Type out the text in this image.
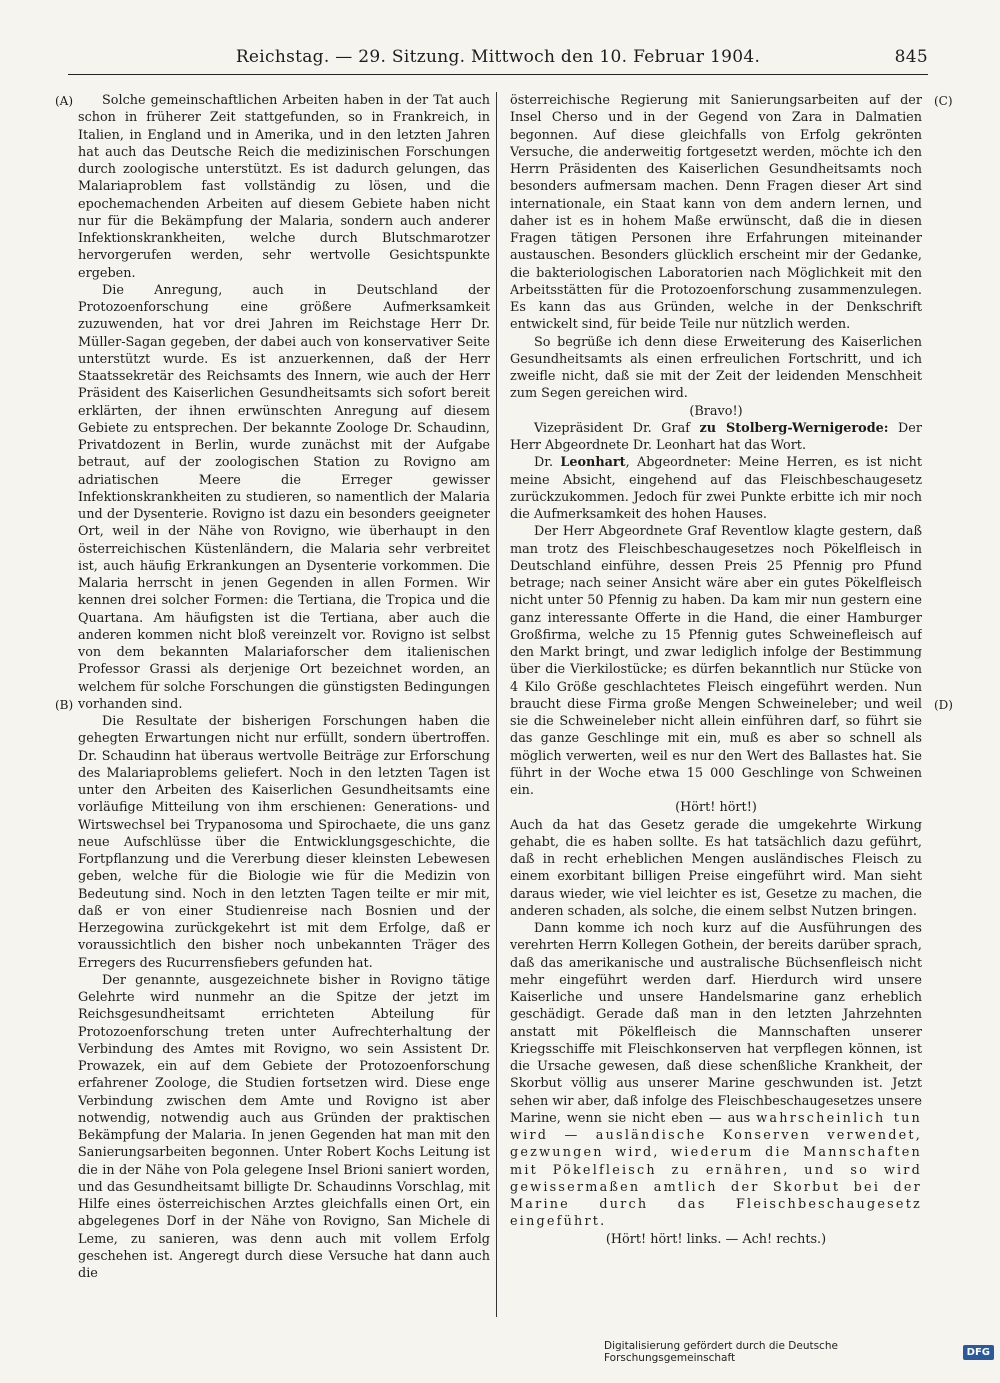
Reichstag. — 29. Sitzung. Mittwoch den 10. Februar 1904.	845
(A)
(B)
(C)
(D)

Solche gemeinschaftlichen Arbeiten haben in der Tat auch schon in früherer Zeit stattgefunden, so in Frankreich, in Italien, in England und in Amerika, und in den letzten Jahren hat auch das Deutsche Reich die medizinischen Forschungen durch zoologische unterstützt. Es ist dadurch gelungen, das Malariaproblem fast vollständig zu lösen, und die epochemachenden Arbeiten auf diesem Gebiete haben nicht nur für die Bekämpfung der Malaria, sondern auch anderer Infektionskrankheiten, welche durch Blutschmarotzer hervorgerufen werden, sehr wertvolle Gesichtspunkte ergeben.

Die Anregung, auch in Deutschland der Protozoenforschung eine größere Aufmerksamkeit zuzuwenden, hat vor drei Jahren im Reichstage Herr Dr. Müller-Sagan gegeben, der dabei auch von konservativer Seite unterstützt wurde. Es ist anzuerkennen, daß der Herr Staatssekretär des Reichsamts des Innern, wie auch der Herr Präsident des Kaiserlichen Gesundheitsamts sich sofort bereit erklärten, der ihnen erwünschten Anregung auf diesem Gebiete zu entsprechen. Der bekannte Zoologe Dr. Schaudinn, Privatdozent in Berlin, wurde zunächst mit der Aufgabe betraut, auf der zoologischen Station zu Rovigno am adriatischen Meere die Erreger gewisser Infektionskrankheiten zu studieren, so namentlich der Malaria und der Dysenterie. Rovigno ist dazu ein besonders geeigneter Ort, weil in der Nähe von Rovigno, wie überhaupt in den österreichischen Küstenländern, die Malaria sehr verbreitet ist, auch häufig Erkrankungen an Dysenterie vorkommen. Die Malaria herrscht in jenen Gegenden in allen Formen. Wir kennen drei solcher Formen: die Tertiana, die Tropica und die Quartana. Am häufigsten ist die Tertiana, aber auch die anderen kommen nicht bloß vereinzelt vor. Rovigno ist selbst von dem bekannten Malariaforscher dem italienischen Professor Grassi als derjenige Ort bezeichnet worden, an welchem für solche Forschungen die günstigsten Bedingungen vorhanden sind.

Die Resultate der bisherigen Forschungen haben die gehegten Erwartungen nicht nur erfüllt, sondern übertroffen. Dr. Schaudinn hat überaus wertvolle Beiträge zur Erforschung des Malariaproblems geliefert. Noch in den letzten Tagen ist unter den Arbeiten des Kaiserlichen Gesundheitsamts eine vorläufige Mitteilung von ihm erschienen: Generations- und Wirtswechsel bei Trypanosoma und Spirochaete, die uns ganz neue Aufschlüsse über die Entwicklungsgeschichte, die Fortpflanzung und die Vererbung dieser kleinsten Lebewesen geben, welche für die Biologie wie für die Medizin von Bedeutung sind. Noch in den letzten Tagen teilte er mir mit, daß er von einer Studienreise nach Bosnien und der Herzegowina zurückgekehrt ist mit dem Erfolge, daß er voraussichtlich den bisher noch unbekannten Träger des Erregers des Rucurrensfiebers gefunden hat.

Der genannte, ausgezeichnete bisher in Rovigno tätige Gelehrte wird nunmehr an die Spitze der jetzt im Reichsgesundheitsamt errichteten Abteilung für Protozoenforschung treten unter Aufrechterhaltung der Verbindung des Amtes mit Rovigno, wo sein Assistent Dr. Prowazek, ein auf dem Gebiete der Protozoenforschung erfahrener Zoologe, die Studien fortsetzen wird. Diese enge Verbindung zwischen dem Amte und Rovigno ist aber notwendig, notwendig auch aus Gründen der praktischen Bekämpfung der Malaria. In jenen Gegenden hat man mit den Sanierungsarbeiten begonnen. Unter Robert Kochs Leitung ist die in der Nähe von Pola gelegene Insel Brioni saniert worden, und das Gesundheitsamt billigte Dr. Schaudinns Vorschlag, mit Hilfe eines österreichischen Arztes gleichfalls einen Ort, ein abgelegenes Dorf in der Nähe von Rovigno, San Michele di Leme, zu sanieren, was denn auch mit vollem Erfolg geschehen ist. Angeregt durch diese Versuche hat dann auch die

österreichische Regierung mit Sanierungsarbeiten auf der Insel Cherso und in der Gegend von Zara in Dalmatien begonnen. Auf diese gleichfalls von Erfolg gekrönten Versuche, die anderweitig fortgesetzt werden, möchte ich den Herrn Präsidenten des Kaiserlichen Gesundheitsamts noch besonders aufmersam machen. Denn Fragen dieser Art sind internationale, ein Staat kann von dem andern lernen, und daher ist es in hohem Maße erwünscht, daß die in diesen Fragen tätigen Personen ihre Erfahrungen miteinander austauschen. Besonders glücklich erscheint mir der Gedanke, die bakteriologischen Laboratorien nach Möglichkeit mit den Arbeitsstätten für die Protozoenforschung zusammenzulegen. Es kann das aus Gründen, welche in der Denkschrift entwickelt sind, für beide Teile nur nützlich werden.

So begrüße ich denn diese Erweiterung des Kaiserlichen Gesundheitsamts als einen erfreulichen Fortschritt, und ich zweifle nicht, daß sie mit der Zeit der leidenden Menschheit zum Segen gereichen wird.

(Bravo!)

Vizepräsident Dr. Graf zu Stolberg-Wernigerode: Der Herr Abgeordnete Dr. Leonhart hat das Wort.

Dr. Leonhart, Abgeordneter: Meine Herren, es ist nicht meine Absicht, eingehend auf das Fleischbeschaugesetz zurückzukommen. Jedoch für zwei Punkte erbitte ich mir noch die Aufmerksamkeit des hohen Hauses.

Der Herr Abgeordnete Graf Reventlow klagte gestern, daß man trotz des Fleischbeschaugesetzes noch Pökelfleisch in Deutschland einführe, dessen Preis 25 Pfennig pro Pfund betrage; nach seiner Ansicht wäre aber ein gutes Pökelfleisch nicht unter 50 Pfennig zu haben. Da kam mir nun gestern eine ganz interessante Offerte in die Hand, die einer Hamburger Großfirma, welche zu 15 Pfennig gutes Schweinefleisch auf den Markt bringt, und zwar lediglich infolge der Bestimmung über die Vierkilostücke; es dürfen bekanntlich nur Stücke von 4 Kilo Größe geschlachtetes Fleisch eingeführt werden. Nun braucht diese Firma große Mengen Schweineleber; und weil sie die Schweineleber nicht allein einführen darf, so führt sie das ganze Geschlinge mit ein, muß es aber so schnell als möglich verwerten, weil es nur den Wert des Ballastes hat. Sie führt in der Woche etwa 15 000 Geschlinge von Schweinen ein.

(Hört! hört!)

Auch da hat das Gesetz gerade die umgekehrte Wirkung gehabt, die es haben sollte. Es hat tatsächlich dazu geführt, daß in recht erheblichen Mengen ausländisches Fleisch zu einem exorbitant billigen Preise eingeführt wird. Man sieht daraus wieder, wie viel leichter es ist, Gesetze zu machen, die anderen schaden, als solche, die einem selbst Nutzen bringen.

Dann komme ich noch kurz auf die Ausführungen des verehrten Herrn Kollegen Gothein, der bereits darüber sprach, daß das amerikanische und australische Büchsenfleisch nicht mehr eingeführt werden darf. Hierdurch wird unsere Kaiserliche und unsere Handelsmarine ganz erheblich geschädigt. Gerade daß man in den letzten Jahrzehnten anstatt mit Pökelfleisch die Mannschaften unserer Kriegsschiffe mit Fleischkonserven hat verpflegen können, ist die Ursache gewesen, daß diese schenßliche Krankheit, der Skorbut völlig aus unserer Marine geschwunden ist. Jetzt sehen wir aber, daß infolge des Fleischbeschaugesetzes unsere Marine, wenn sie nicht eben — aus wahrscheinlich tun wird — ausländische Konserven verwendet, gezwungen wird, wiederum die Mannschaften mit Pökelfleisch zu ernähren, und so wird gewissermaßen amtlich der Skorbut bei der Marine durch das Fleischbeschaugesetz eingeführt.

(Hört! hört! links. — Ach! rechts.)

Digitalisierung gefördert durch die Deutsche Forschungsgemeinschaft	DFG
